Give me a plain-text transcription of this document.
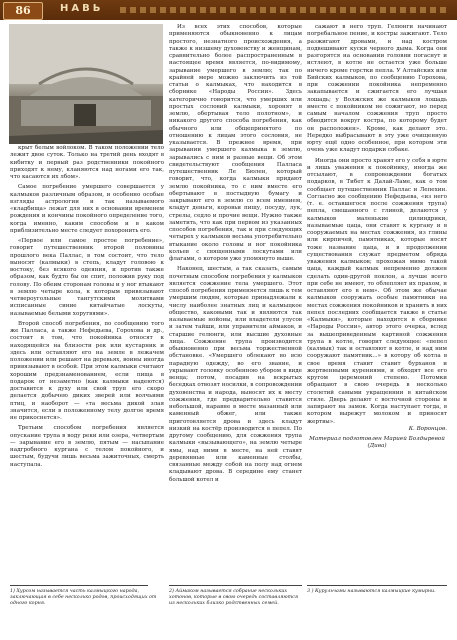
86	НАВЬ

крыт белым войлоком. В таком положении тело лежит двое суток. Только на третий день входят в кибитку и первый раз родственники покойного приходят к нему, кланяются над ногами его так, что касаются их лбом».

Самое погребение умершего совершается у калмыков различным образом, и особенно особые взгляды астрологии и так называемого «кладбища» лежат для них в основании временем рождения и кончины покойного определение того, когда именно, каким способом и в каком приблизительно месте следует похоронить его.

«Первое или самое простое погребение», говорит путешественник второй половины прошлого века Паллас, в том состоит, что тело выносят (калмыки) в степь, кладут головою к востоку, без всякого одеяния, и против также образом, как будто бы он спит, положив руку под голову. По обеим сторонам головы и у ног втыкают в землю четыре кола, к которым привязывают четвероугольные тангутскими молитвами исписанные синие китайчатые лоскуты, называемые белыми хоругвями».

Второй способ погребения, по сообщению того же Палласа, а также Нефедьева, Горохова и др., состоит в том, что покойника относят к находящейся на близости рек или кустарник и здесь или оставляют его на земле в лежачем положении или решают на деревьях, воины иногда привязывают в особой. При этом калмыки считают хорошим предзнаменованием, если пища в подарок от незаметно (как калмыки надеются) доставится к духу или свой труп его скоро делается добычею диких зверей или волчьими птиц, и наоборот — «та весьма дикой злая значится, если в положенному телу долгое время не прикоснется».

Третьим способом погребения является опускание трупа в воду реки или озера, четвертым — зарывание его в землю, пятым — насыпание надгробного кургана с телом покойного, и шестым, будучи лишь весьма зажиточных, смерть наступала.

Из всех этих способов, которые применяются обыкновенно к лицам простого, незнатного происхождения, а также к низшему духовенству и женщинам, сравнительно более распространенным в настоящее время является, по-видимому, зарывание умершего в землю; так по крайней мере можно заключить из той статьи о калмыках, что находится в сборнике «Народы России». Здесь категорично говорится, что умерших или простых сословий калмыки, хоронят в землю, обертывая тело полотном», и никакого другого способа погребения, как обычного или общепринятого по отношению к лицам этого сословия, не указывается. В прежнее время, при зарывании умершего калмыка в землю, зарывались с ним и разные вещи. Об этом свидетельствуют сообщения Палласа путешественник Ле Бюлен, который говорит, что, когда калмыки придают землю покойника, то с ним вместе его обертывают в постыдную бумагу и закрывают его в землю со всем имением, кладут деньги, коровьи пищу, посуду, лук, стрелы, седло и прочие вещи. Нужно также заметить, что как при первом из указанных способов погребения, так и при следующих четырех у калмыков весьма употребительно втыкание около головы и ног покойника кольев с священными лоскутами или флагами, о котором уже упомянуто выше.

Наконец, шестым, а так сказать, самым почетным способом погребения у калмыков является сожжение тела умершего. Этот способ погребения применяется лишь к тем умершим людям, которые принадлежали к числу наиболее знатных лиц и калмыцкое общество, каковыми так и являются так называемые нойоны, или владетели улусов и затем тайши, или управители аймаков, и старшие гелюнги, или высшие духовные лица. Сожжение трупа производится обыкновенно при весьма торжественной обстановке. «Умершего облекают во всю парадную одежду, во его звание, и укрывают головку особенною убором в виде венца; потом, посадив на вскрытых беседках отвозят носилки, в сопровождении духовенства и народа, выносят их к месту сожжения, где предварительно ставится небольшой, наравне в месте мазанный или каменный обжег, или также приготовляется дрова и здесь кладут низкий на костёр производится в пепел. По другому сообщению, для сожжения трупа калмыки «вызывающего», на землю четыре ямы, над ними в месте, на ней ставят деревянные или каменные столбы, связанные между собой на полу над огнем кладывают дрова. В середине ему станет большой котел и

сажают в него труп. Гелюнги начинают погребальное пение, и костры зажигают. Тело разжигают дровами, и над костром подвешивают куски черного дыма. Когда они разгорятся на основании головни погаснут и истлеют, в котле не остается уже больше ничего кроме горстки пепла. У Алтайских или Бийских калмыков, по сообщению Горохова, при сожжении покойника непременно закапывается и сжигается его лучшая лошадь; у Волжских же калмыков лошадь вместе с покойником не сожигают, но перед самым началом сожжения труп просто обводится вокруг костра, по которому будет он расположен». Кроме, как делают это. Нередко выбрасывают в эту уже очищенную юрту ещё одно особенное, при котором эти очень уже кладут подарки собаке.

Иногда они просто хранят его у себя в юрте и лишь уважения к покойнику, иногда же отсылают, в сопровождении богатых подарков, в Тибет к Далай-Ламе, как о том сообщает путешественник Паллас и Лепехин. Согласно же сообщению Нефедьева, «из него (т. е. оставшегося после сожжения трупа) пепла, смешанного с глиной, делаются у калмыков маленькие цилиндрики, называемые цаца, они ставят к кургану и в сооружаемых на местах сожжения, из глины или кирпичей, памятниках, которые носят тоже название цаца, и в продолжении существования служат предметом обряда уважения калмыков; прохожая мимо такой цаца, каждый калмык непременно должен сделать один-другой поклон, а лучше всего при себе не имеют, то облепляет их прахом, и оставляют его в нем». Об этом же обычае калмыков сооружать особые памятники на местах сожжения покойников и хранить в них пепел последних сообщается также в статье «Калмыки», которые находится в сборнике «Народы России», автор этого очерка, вслед за вышеприведенным картиной сожжения трупа в котле, говорит следующее: «пепел (калмык) так и оставляют в котле, и над ним сооружают памятник...» в котору об котла в свое время ставит ставит бурханов и жертвенными курениями, и обходят все его кругом церемоний степено. Потомки обращают в свою очередь в несколько столетий самыми укращеннии в китайском стиле. Дверь делают с восточной стороны и запирают на замок. Когда наступает тогда, в котором вырежут молоком и приносят жертвы».

К. Воронцов.

Материал подготовлен Марией Болдыревой (Дива)

1) Хурсом называется часть калмыцкого народа, заключающая в себе несколько родов, происходящих от одного корня.
2) Аймаком называется собрание нескольких хотонов, которые в свою очередь составляются из нескольких близко родственных семей.
3 ) Курульчами называются калмыцкие кумирни.
